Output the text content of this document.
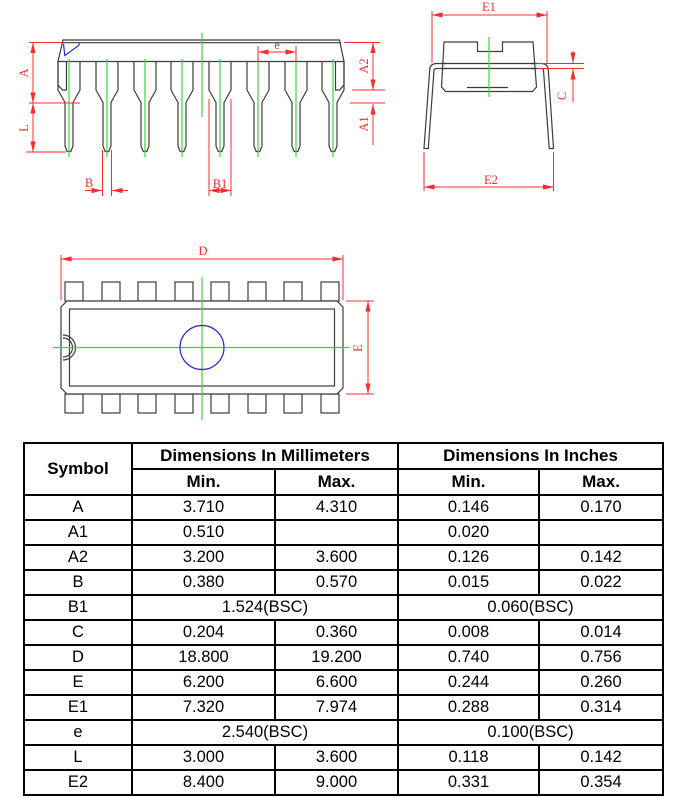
A
L
A2
A1
e
B	B1
E1
E2
C
D
E
Symbol	Dimensions In Millimeters		Dimensions In Inches	
	Min.	Max.	Min.	Max.
A	3.710	4.310	0.146	0.170
A1	0.510		0.020	
A2	3.200	3.600	0.126	0.142
B	0.380	0.570	0.015	0.022
B1	1.524(BSC)		0.060(BSC)	
C	0.204	0.360	0.008	0.014
D	18.800	19.200	0.740	0.756
E	6.200	6.600	0.244	0.260
E1	7.320	7.974	0.288	0.314
e	2.540(BSC)		0.100(BSC)	
L	3.000	3.600	0.118	0.142
E2	8.400	9.000	0.331	0.354
